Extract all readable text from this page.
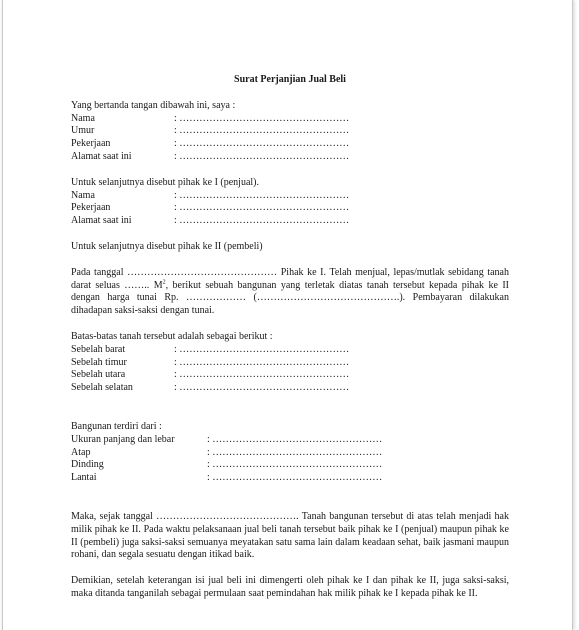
Surat Perjanjian Jual Beli

Yang bertanda tangan dibawah ini, saya :

Nama	: ……………………………………………
Umur	: ……………………………………………
Pekerjaan	: ……………………………………………
Alamat saat ini	: ……………………………………………

Untuk selanjutnya disebut pihak ke I (penjual).

Nama	: ……………………………………………
Pekerjaan	: ……………………………………………
Alamat saat ini	: ……………………………………………

Untuk selanjutnya disebut pihak ke II (pembeli)

Pada tanggal ……………………………………… Pihak ke I. Telah menjual, lepas/mutlak sebidang tanah darat seluas …….. $M^2$, berikut sebuah bangunan yang terletak diatas tanah tersebut kepada pihak ke II dengan harga tunai Rp. ……………… (…………………………………….). Pembayaran dilakukan dihadapan saksi-saksi dengan tunai.

Batas-batas tanah tersebut adalah sebagai berikut :

Sebelah barat	: ……………………………………………
Sebelah timur	: ……………………………………………
Sebelah utara	: ……………………………………………
Sebelah selatan	: ……………………………………………

Bangunan terdiri dari :

Ukuran panjang dan lebar	: ……………………………………………
Atap	: ……………………………………………
Dinding	: ……………………………………………
Lantai	: ……………………………………………

Maka, sejak tanggal ……………………………………. Tanah bangunan tersebut di atas telah menjadi hak milik pihak ke II. Pada waktu pelaksanaan jual beli tanah tersebut baik pihak ke I (penjual) maupun pihak ke II (pembeli) juga saksi-saksi semuanya meyatakan satu sama lain dalam keadaan sehat, baik jasmani maupun rohani, dan segala sesuatu dengan itikad baik.

Demikian, setelah keterangan isi jual beli ini dimengerti oleh pihak ke I dan pihak ke II, juga saksi-saksi, maka ditanda tanganilah sebagai permulaan saat pemindahan hak milik pihak ke I kepada pihak ke II.
